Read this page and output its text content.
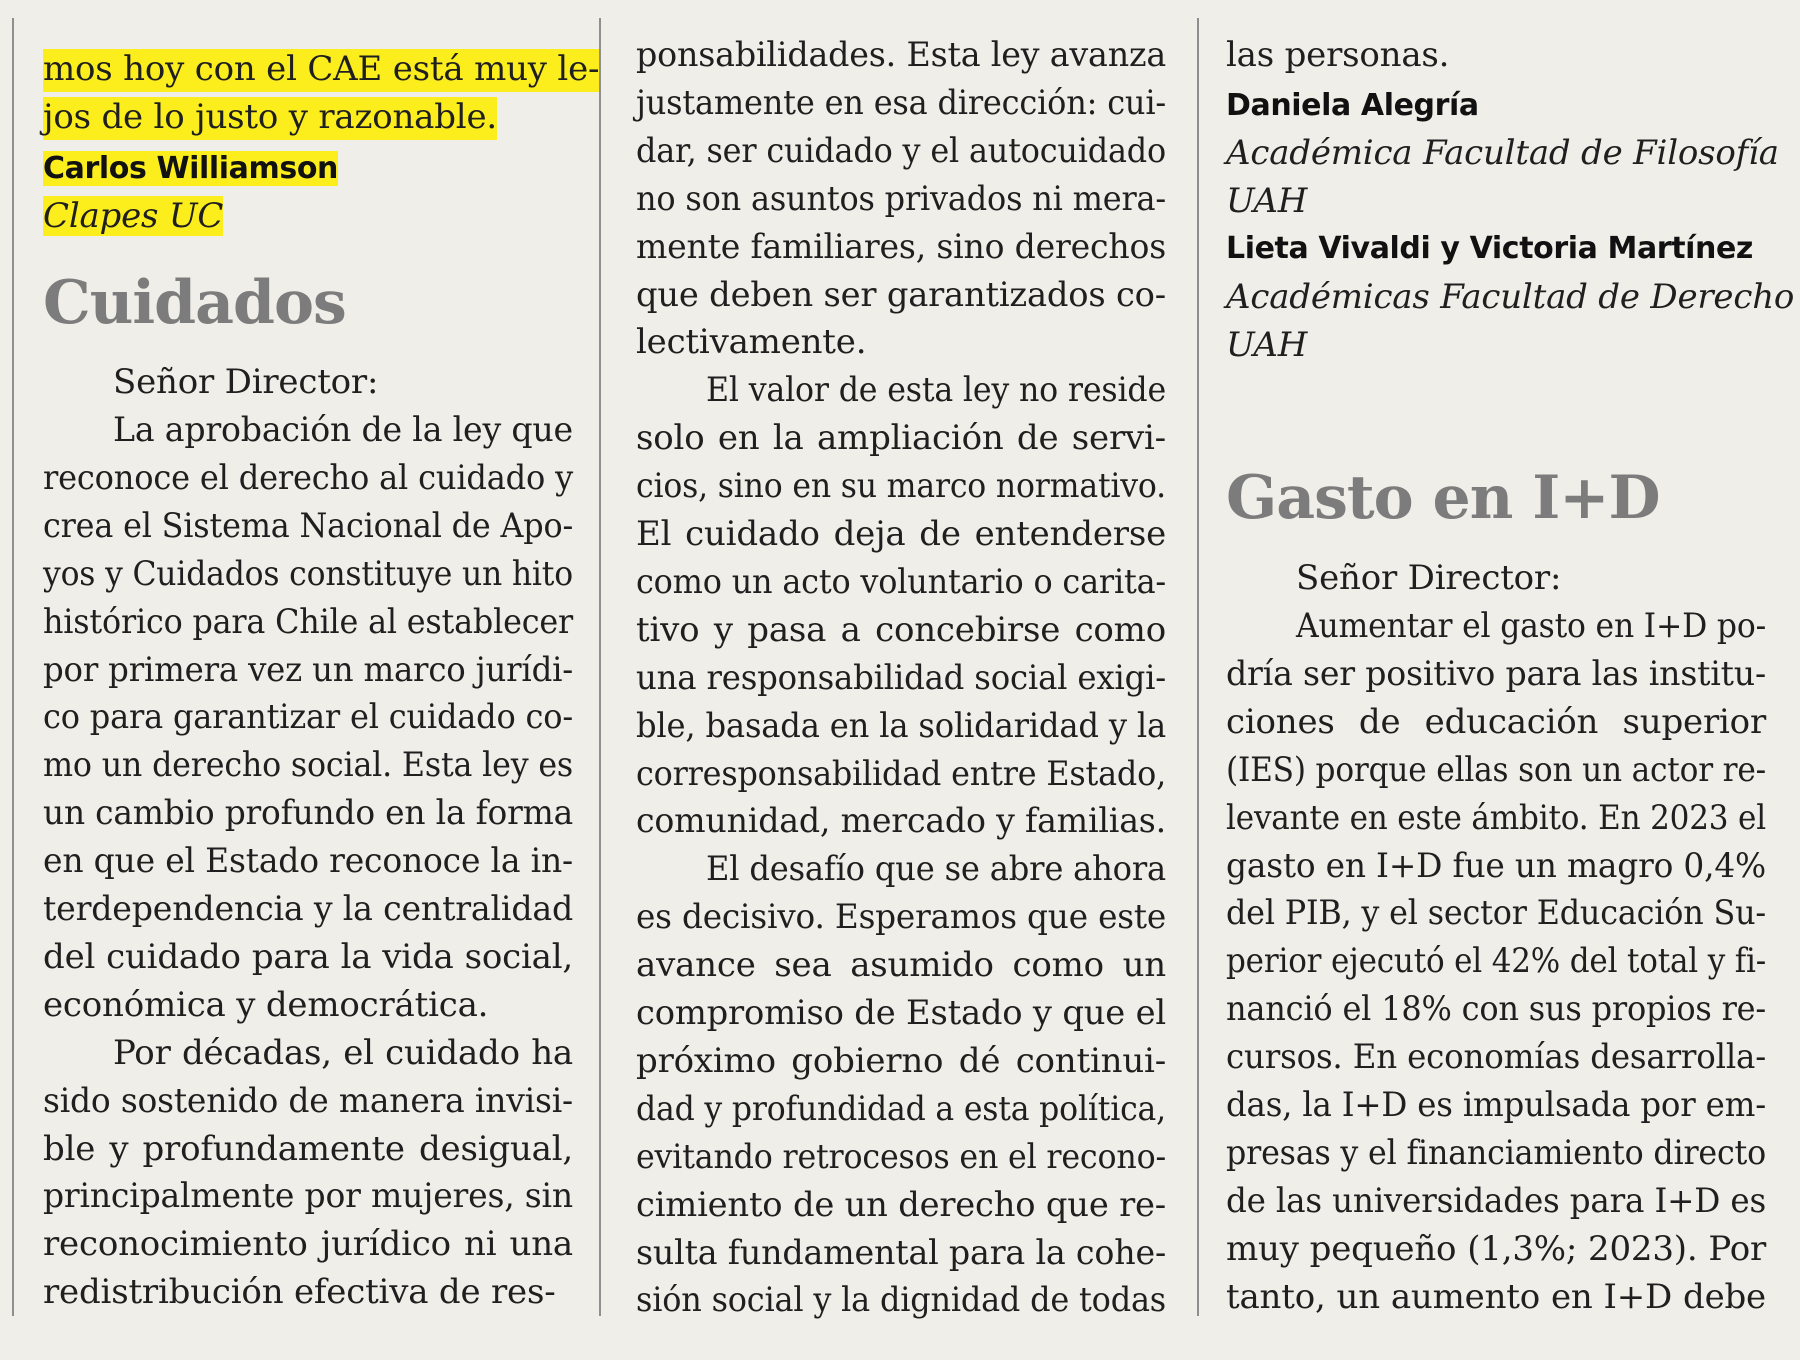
mos hoy con el CAE está muy le-
jos de lo justo y razonable.
Carlos Williamson
Clapes UC
Cuidados
Señor Director:
La aprobación de la ley que
reconoce el derecho al cuidado y
crea el Sistema Nacional de Apo-
yos y Cuidados constituye un hito
histórico para Chile al establecer
por primera vez un marco jurídi-
co para garantizar el cuidado co-
mo un derecho social. Esta ley es
un cambio profundo en la forma
en que el Estado reconoce la in-
terdependencia y la centralidad
del cuidado para la vida social,
económica y democrática.
Por décadas, el cuidado ha
sido sostenido de manera invisi-
ble y profundamente desigual,
principalmente por mujeres, sin
reconocimiento jurídico ni una
redistribución efectiva de res-
ponsabilidades. Esta ley avanza
justamente en esa dirección: cui-
dar, ser cuidado y el autocuidado
no son asuntos privados ni mera-
mente familiares, sino derechos
que deben ser garantizados co-
lectivamente.
El valor de esta ley no reside
solo en la ampliación de servi-
cios, sino en su marco normativo.
El cuidado deja de entenderse
como un acto voluntario o carita-
tivo y pasa a concebirse como
una responsabilidad social exigi-
ble, basada en la solidaridad y la
corresponsabilidad entre Estado,
comunidad, mercado y familias.
El desafío que se abre ahora
es decisivo. Esperamos que este
avance sea asumido como un
compromiso de Estado y que el
próximo gobierno dé continui-
dad y profundidad a esta política,
evitando retrocesos en el recono-
cimiento de un derecho que re-
sulta fundamental para la cohe-
sión social y la dignidad de todas
las personas.
Daniela Alegría
Académica Facultad de Filosofía
UAH
Lieta Vivaldi y Victoria Martínez
Académicas Facultad de Derecho
UAH
Gasto en I+D
Señor Director:
Aumentar el gasto en I+D po-
dría ser positivo para las institu-
ciones de educación superior
(IES) porque ellas son un actor re-
levante en este ámbito. En 2023 el
gasto en I+D fue un magro 0,4%
del PIB, y el sector Educación Su-
perior ejecutó el 42% del total y fi-
nanció el 18% con sus propios re-
cursos. En economías desarrolla-
das, la I+D es impulsada por em-
presas y el financiamiento directo
de las universidades para I+D es
muy pequeño (1,3%; 2023). Por
tanto, un aumento en I+D debe
